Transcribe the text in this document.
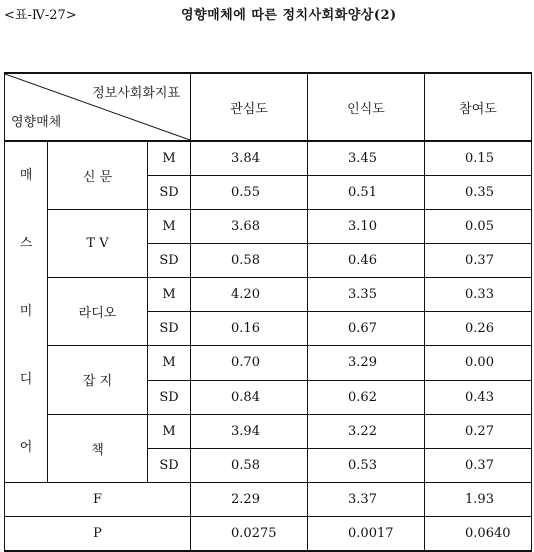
<표-Ⅳ-27>	영향매체에 따른 정치사회화양상(2)
정보사회화지표
영향매체			관심도	인식도	참여도

매
스
미
디
어	신 문	M	3.84	3.45	0.15
		SD	0.55	0.51	0.35
	T V	M	3.68	3.10	0.05
		SD	0.58	0.46	0.37
	라디오	M	4.20	3.35	0.33
		SD	0.16	0.67	0.26
	잡 지	M	0.70	3.29	0.00
		SD	0.84	0.62	0.43
	책	M	3.94	3.22	0.27
		SD	0.58	0.53	0.37
F			2.29	3.37	1.93
P			0.0275	0.0017	0.0640
